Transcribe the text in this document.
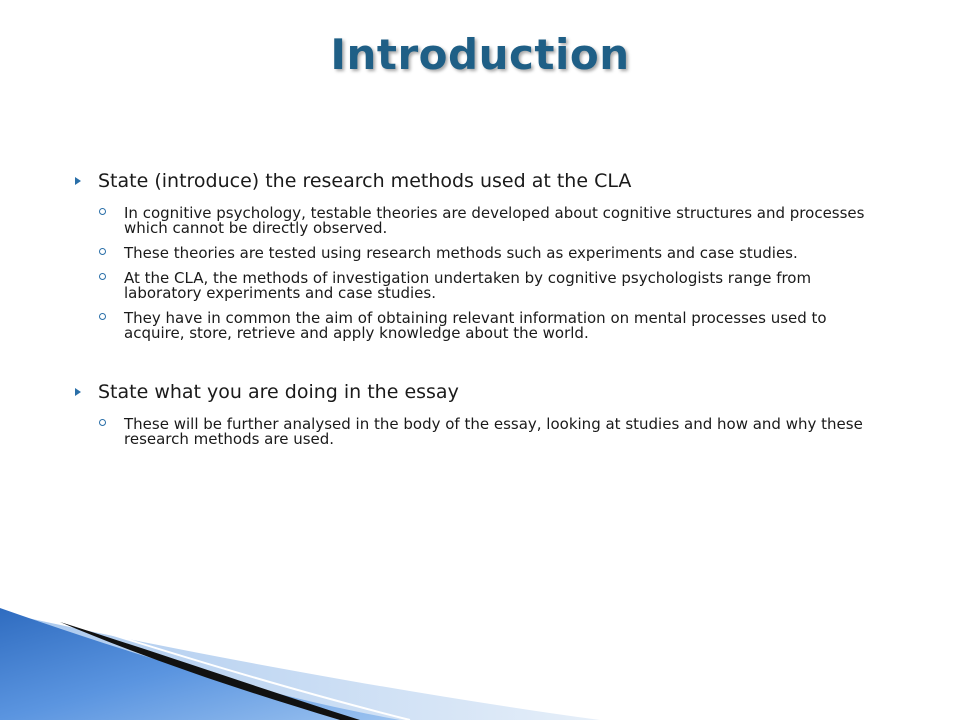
Introduction
State (introduce) the research methods used at the CLA
In cognitive psychology, testable theories are developed about cognitive structures and processes which cannot be directly observed.
These theories are tested using research methods such as experiments and case studies.
At the CLA, the methods of investigation undertaken by cognitive psychologists range from laboratory experiments and case studies.
They have in common the aim of obtaining relevant information on mental processes used to acquire, store, retrieve and apply knowledge about the world.
State what you are doing in the essay
These will be further analysed in the body of the essay, looking at studies and how and why these research methods are used.
